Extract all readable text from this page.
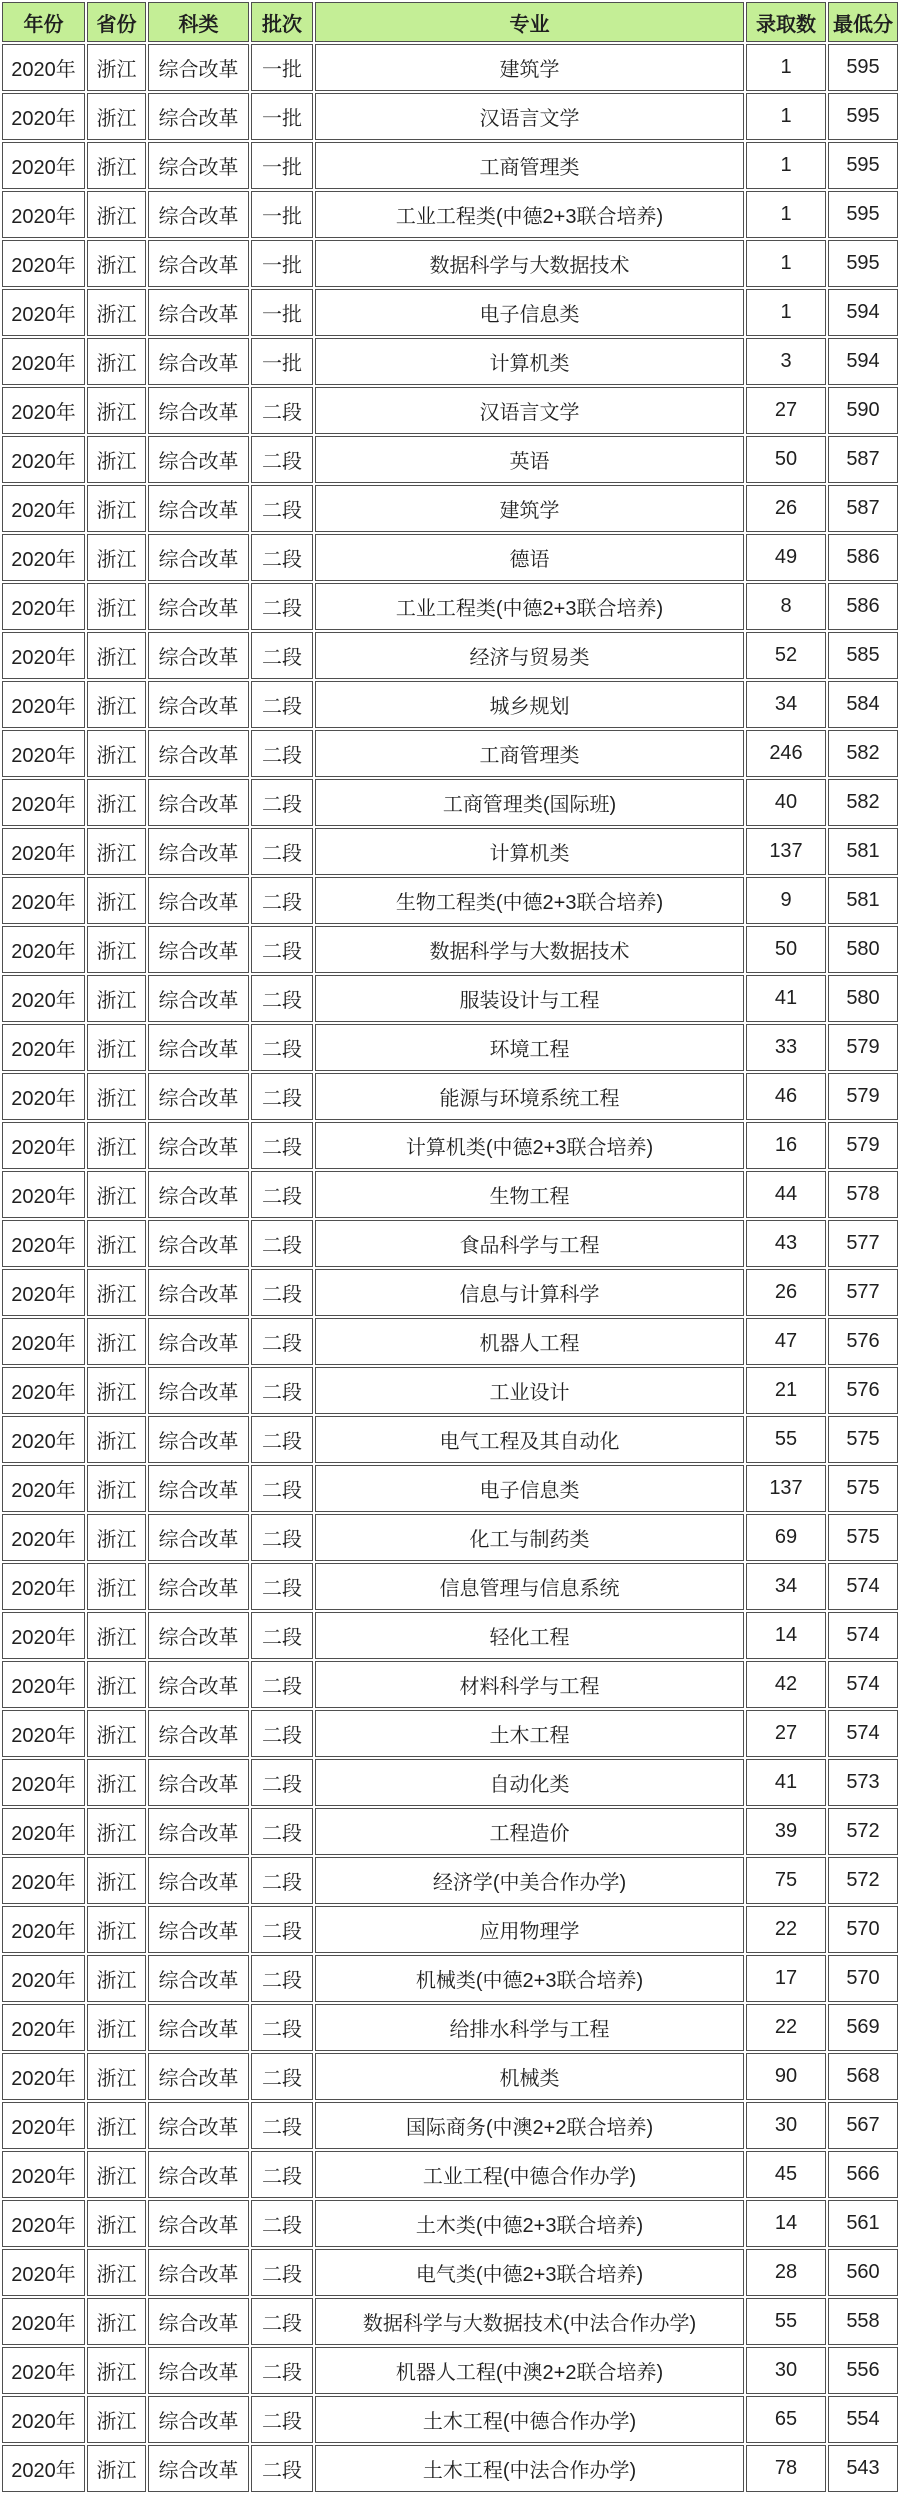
年份	省份	科类	批次	专业	录取数	最低分
2020年	浙江	综合改革	一批	建筑学	1	595
2020年	浙江	综合改革	一批	汉语言文学	1	595
2020年	浙江	综合改革	一批	工商管理类	1	595
2020年	浙江	综合改革	一批	工业工程类(中德2+3联合培养)	1	595
2020年	浙江	综合改革	一批	数据科学与大数据技术	1	595
2020年	浙江	综合改革	一批	电子信息类	1	594
2020年	浙江	综合改革	一批	计算机类	3	594
2020年	浙江	综合改革	二段	汉语言文学	27	590
2020年	浙江	综合改革	二段	英语	50	587
2020年	浙江	综合改革	二段	建筑学	26	587
2020年	浙江	综合改革	二段	德语	49	586
2020年	浙江	综合改革	二段	工业工程类(中德2+3联合培养)	8	586
2020年	浙江	综合改革	二段	经济与贸易类	52	585
2020年	浙江	综合改革	二段	城乡规划	34	584
2020年	浙江	综合改革	二段	工商管理类	246	582
2020年	浙江	综合改革	二段	工商管理类(国际班)	40	582
2020年	浙江	综合改革	二段	计算机类	137	581
2020年	浙江	综合改革	二段	生物工程类(中德2+3联合培养)	9	581
2020年	浙江	综合改革	二段	数据科学与大数据技术	50	580
2020年	浙江	综合改革	二段	服装设计与工程	41	580
2020年	浙江	综合改革	二段	环境工程	33	579
2020年	浙江	综合改革	二段	能源与环境系统工程	46	579
2020年	浙江	综合改革	二段	计算机类(中德2+3联合培养)	16	579
2020年	浙江	综合改革	二段	生物工程	44	578
2020年	浙江	综合改革	二段	食品科学与工程	43	577
2020年	浙江	综合改革	二段	信息与计算科学	26	577
2020年	浙江	综合改革	二段	机器人工程	47	576
2020年	浙江	综合改革	二段	工业设计	21	576
2020年	浙江	综合改革	二段	电气工程及其自动化	55	575
2020年	浙江	综合改革	二段	电子信息类	137	575
2020年	浙江	综合改革	二段	化工与制药类	69	575
2020年	浙江	综合改革	二段	信息管理与信息系统	34	574
2020年	浙江	综合改革	二段	轻化工程	14	574
2020年	浙江	综合改革	二段	材料科学与工程	42	574
2020年	浙江	综合改革	二段	土木工程	27	574
2020年	浙江	综合改革	二段	自动化类	41	573
2020年	浙江	综合改革	二段	工程造价	39	572
2020年	浙江	综合改革	二段	经济学(中美合作办学)	75	572
2020年	浙江	综合改革	二段	应用物理学	22	570
2020年	浙江	综合改革	二段	机械类(中德2+3联合培养)	17	570
2020年	浙江	综合改革	二段	给排水科学与工程	22	569
2020年	浙江	综合改革	二段	机械类	90	568
2020年	浙江	综合改革	二段	国际商务(中澳2+2联合培养)	30	567
2020年	浙江	综合改革	二段	工业工程(中德合作办学)	45	566
2020年	浙江	综合改革	二段	土木类(中德2+3联合培养)	14	561
2020年	浙江	综合改革	二段	电气类(中德2+3联合培养)	28	560
2020年	浙江	综合改革	二段	数据科学与大数据技术(中法合作办学)	55	558
2020年	浙江	综合改革	二段	机器人工程(中澳2+2联合培养)	30	556
2020年	浙江	综合改革	二段	土木工程(中德合作办学)	65	554
2020年	浙江	综合改革	二段	土木工程(中法合作办学)	78	543
